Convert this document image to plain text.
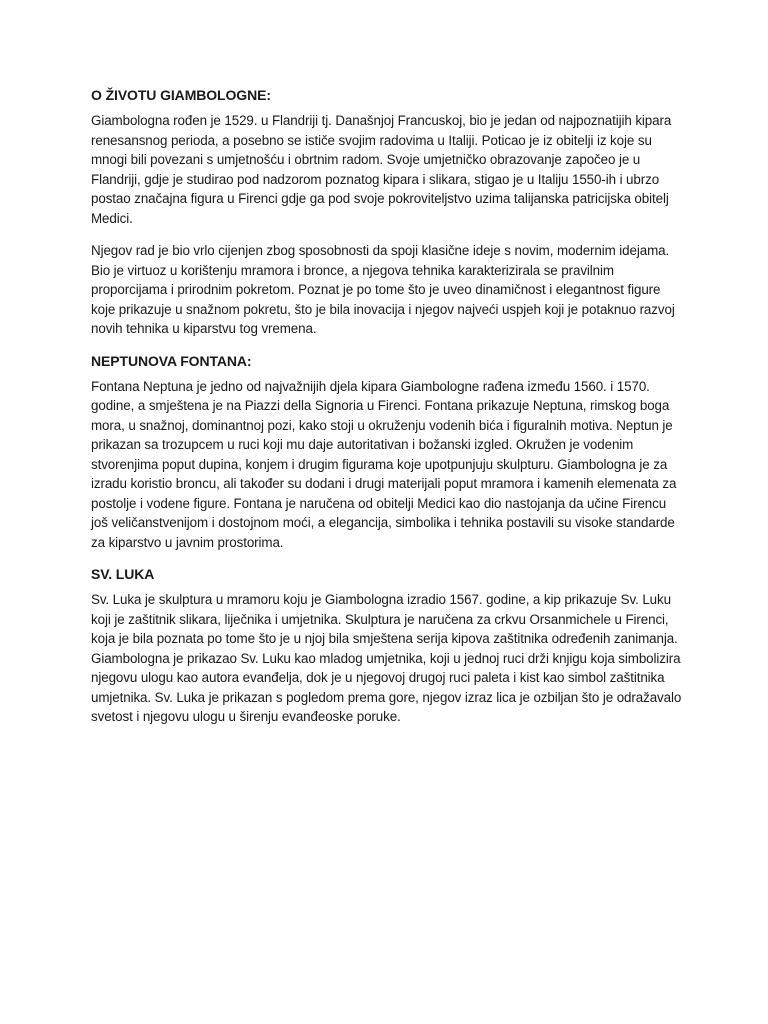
O ŽIVOTU GIAMBOLOGNE:

Giambologna rođen je 1529. u Flandriji tj. Današnjoj Francuskoj, bio je jedan od najpoznatijih kipara renesansnog perioda, a posebno se ističe svojim radovima u Italiji. Poticao je iz obitelji iz koje su mnogi bili povezani s umjetnošću i obrtnim radom. Svoje umjetničko obrazovanje započeo je u Flandriji, gdje je studirao pod nadzorom poznatog kipara i slikara, stigao je u Italiju 1550-ih i ubrzo postao značajna figura u Firenci gdje ga pod svoje pokroviteljstvo uzima talijanska patricijska obitelj Medici.

Njegov rad je bio vrlo cijenjen zbog sposobnosti da spoji klasične ideje s novim, modernim idejama. Bio je virtuoz u korištenju mramora i bronce, a njegova tehnika karakterizirala se pravilnim proporcijama i prirodnim pokretom. Poznat je po tome što je uveo dinamičnost i elegantnost figure koje prikazuje u snažnom pokretu, što je bila inovacija i njegov najveći uspjeh koji je potaknuo razvoj novih tehnika u kiparstvu tog vremena.

NEPTUNOVA FONTANA:

Fontana Neptuna je jedno od najvažnijih djela kipara Giambologne rađena između 1560. i 1570. godine, a smještena je na Piazzi della Signoria u Firenci. Fontana prikazuje Neptuna, rimskog boga mora, u snažnoj, dominantnoj pozi, kako stoji u okruženju vodenih bića i figuralnih motiva. Neptun je prikazan sa trozupcem u ruci koji mu daje autoritativan i božanski izgled. Okružen je vodenim stvorenjima poput dupina, konjem i drugim figurama koje upotpunjuju skulpturu. Giambologna je za izradu koristio broncu, ali također su dodani i drugi materijali poput mramora i kamenih elemenata za postolje i vodene figure. Fontana je naručena od obitelji Medici kao dio nastojanja da učine Firencu još veličanstvenijom i dostojnom moći, a elegancija, simbolika i tehnika postavili su visoke standarde za kiparstvo u javnim prostorima.

SV. LUKA

Sv. Luka je skulptura u mramoru koju je Giambologna izradio 1567. godine, a kip prikazuje Sv. Luku koji je zaštitnik slikara, liječnika i umjetnika. Skulptura je naručena za crkvu Orsanmichele u Firenci, koja je bila poznata po tome što je u njoj bila smještena serija kipova zaštitnika određenih zanimanja. Giambologna je prikazao Sv. Luku kao mladog umjetnika, koji u jednoj ruci drži knjigu koja simbolizira njegovu ulogu kao autora evanđelja, dok je u njegovoj drugoj ruci paleta i kist kao simbol zaštitnika umjetnika. Sv. Luka je prikazan s pogledom prema gore, njegov izraz lica je ozbiljan što je odražavalo svetost i njegovu ulogu u širenju evanđeoske poruke.
